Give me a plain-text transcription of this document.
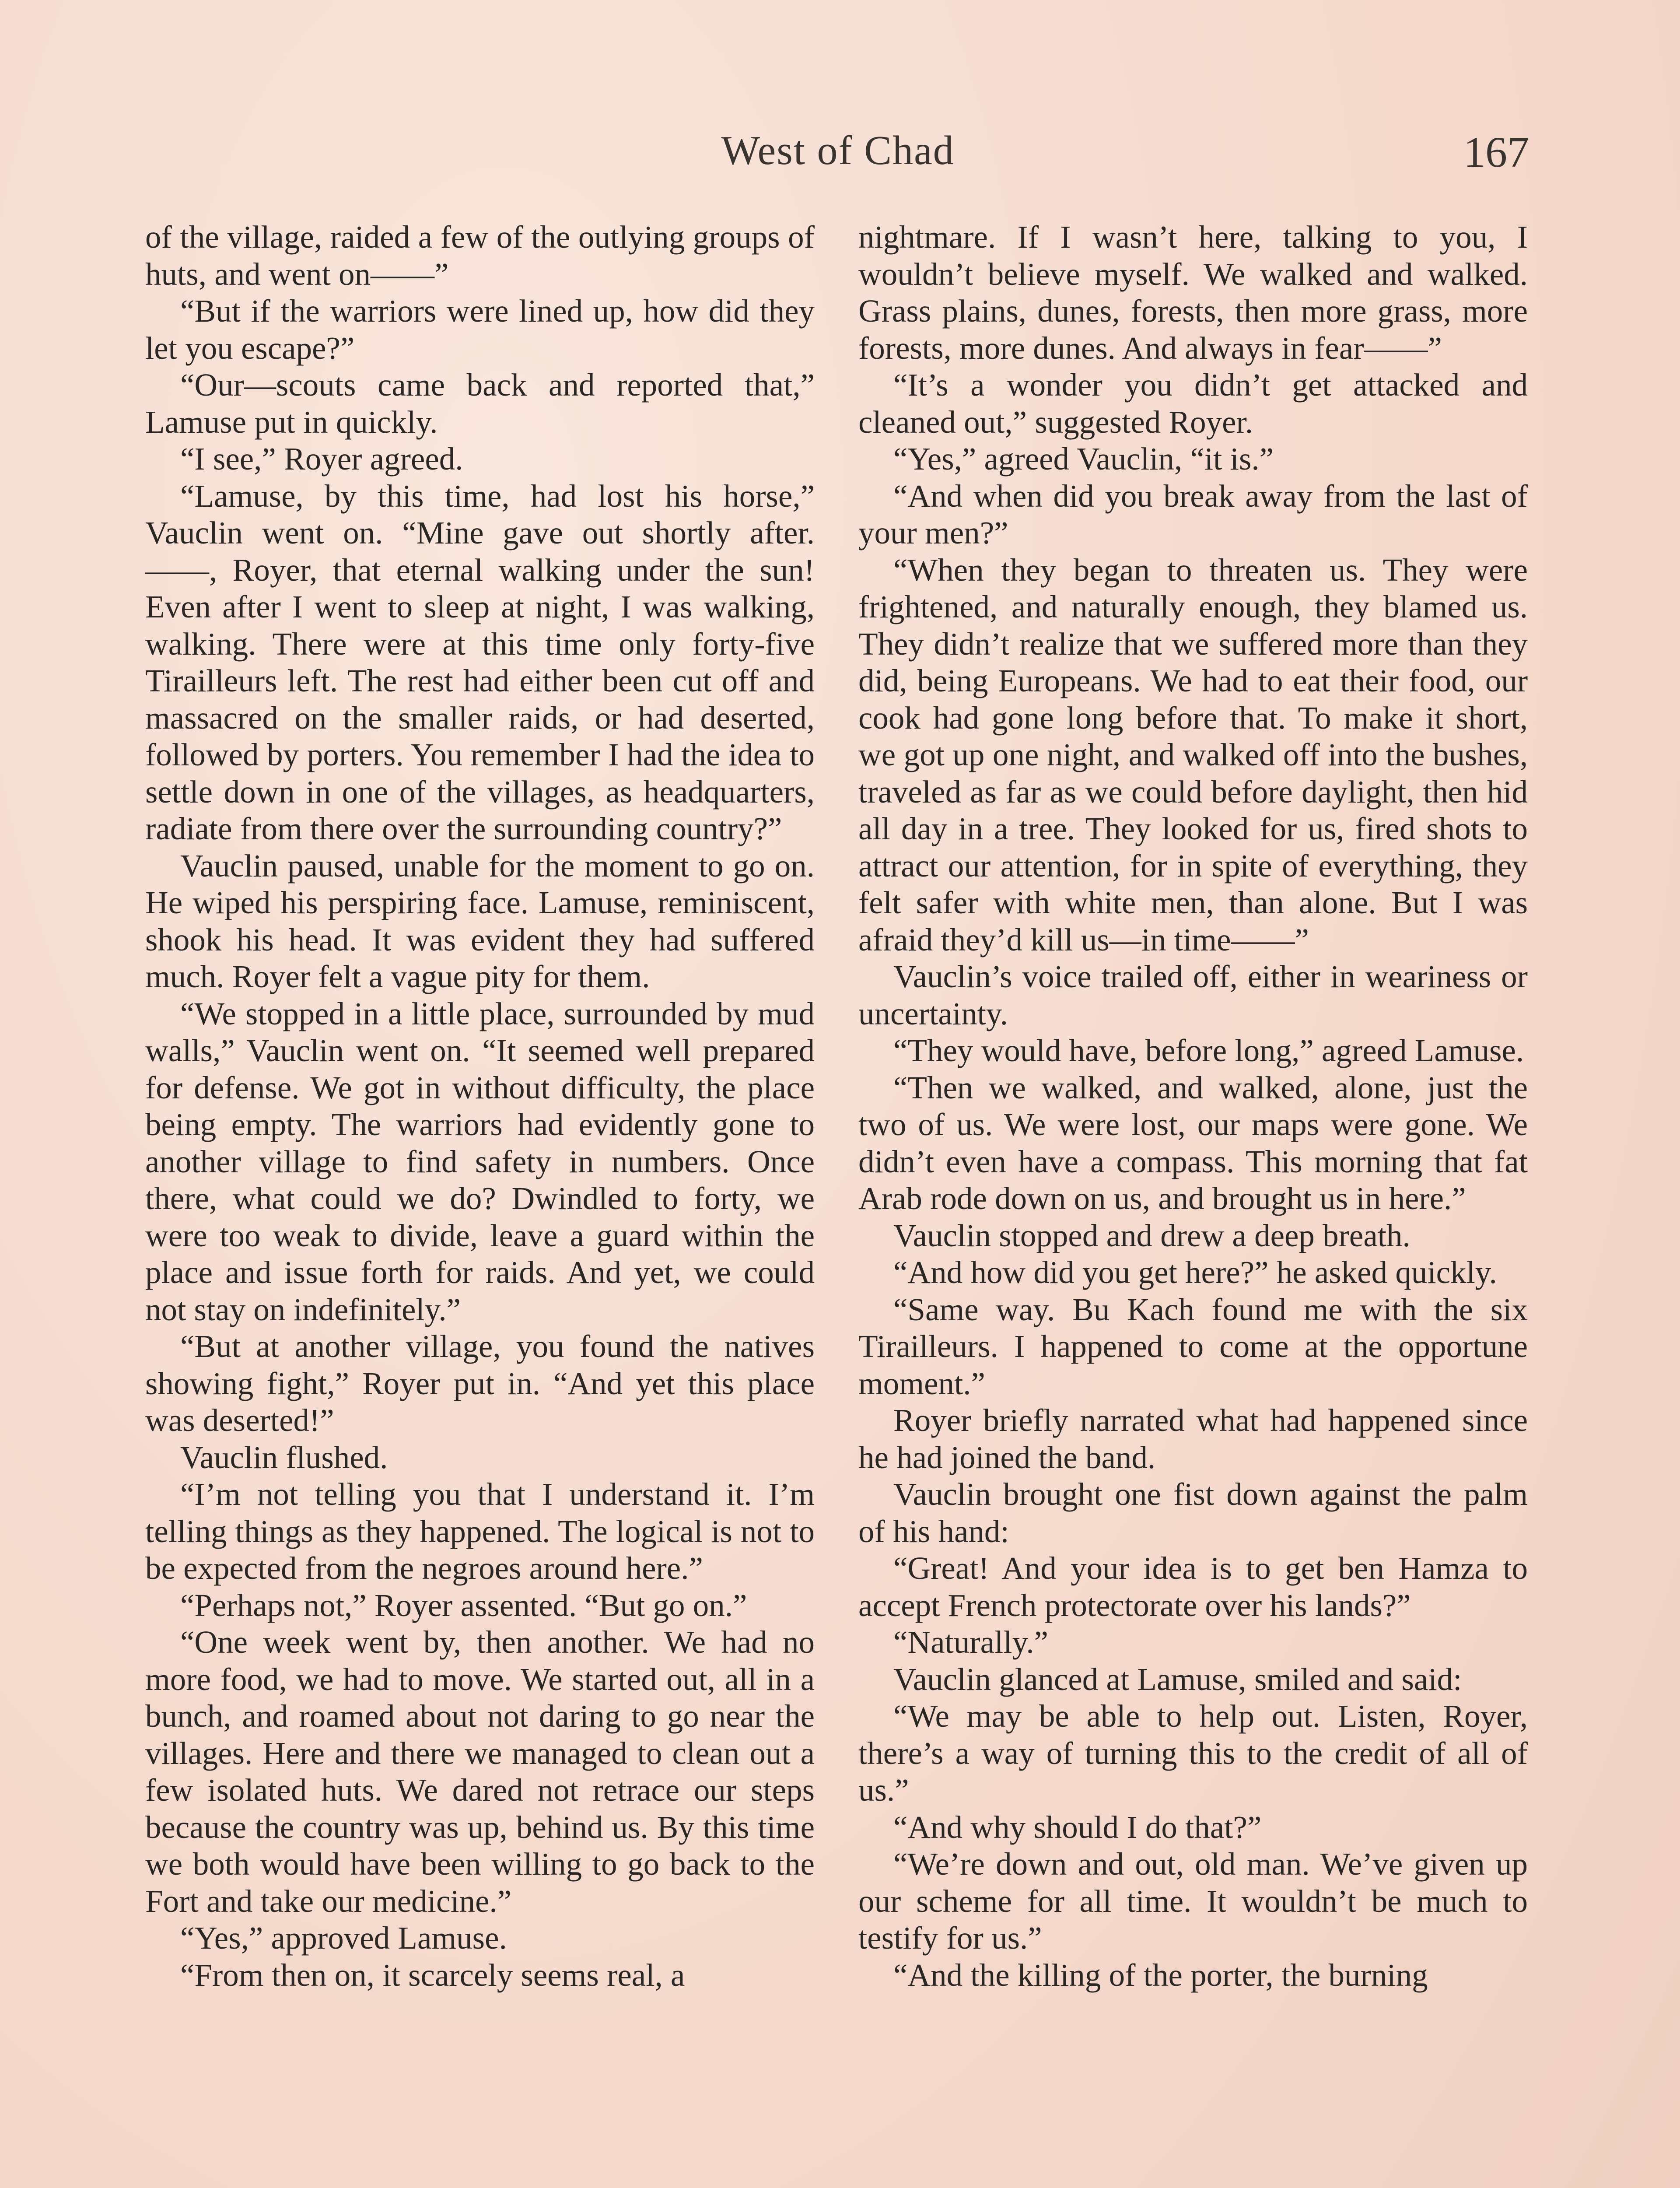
West of Chad	167

of the village, raided a few of the outlying groups of huts, and went on——”

“But if the warriors were lined up, how did they let you escape?”

“Our—scouts came back and reported that,” Lamuse put in quickly.

“I see,” Royer agreed.

“Lamuse, by this time, had lost his horse,” Vauclin went on. “Mine gave out shortly after. ——, Royer, that eternal walking under the sun! Even after I went to sleep at night, I was walking, walking. There were at this time only forty-five Tirailleurs left. The rest had either been cut off and massacred on the smaller raids, or had deserted, followed by porters. You remember I had the idea to settle down in one of the villages, as headquarters, radiate from there over the surrounding country?”

Vauclin paused, unable for the moment to go on. He wiped his perspiring face. Lamuse, reminiscent, shook his head. It was evident they had suffered much. Royer felt a vague pity for them.

“We stopped in a little place, surrounded by mud walls,” Vauclin went on. “It seemed well prepared for defense. We got in without difficulty, the place being empty. The warriors had evidently gone to another village to find safety in numbers. Once there, what could we do? Dwindled to forty, we were too weak to divide, leave a guard within the place and issue forth for raids. And yet, we could not stay on indefinitely.”

“But at another village, you found the natives showing fight,” Royer put in. “And yet this place was deserted!”

Vauclin flushed.

“I’m not telling you that I understand it. I’m telling things as they happened. The logical is not to be expected from the negroes around here.”

“Perhaps not,” Royer assented. “But go on.”

“One week went by, then another. We had no more food, we had to move. We started out, all in a bunch, and roamed about not daring to go near the villages. Here and there we managed to clean out a few isolated huts. We dared not retrace our steps because the country was up, behind us. By this time we both would have been willing to go back to the Fort and take our medicine.”

“Yes,” approved Lamuse.

“From then on, it scarcely seems real, a

nightmare. If I wasn’t here, talking to you, I wouldn’t believe myself. We walked and walked. Grass plains, dunes, forests, then more grass, more forests, more dunes. And always in fear——”

“It’s a wonder you didn’t get attacked and cleaned out,” suggested Royer.

“Yes,” agreed Vauclin, “it is.”

“And when did you break away from the last of your men?”

“When they began to threaten us. They were frightened, and naturally enough, they blamed us. They didn’t realize that we suffered more than they did, being Europeans. We had to eat their food, our cook had gone long before that. To make it short, we got up one night, and walked off into the bushes, traveled as far as we could before daylight, then hid all day in a tree. They looked for us, fired shots to attract our attention, for in spite of everything, they felt safer with white men, than alone. But I was afraid they’d kill us—in time——”

Vauclin’s voice trailed off, either in weariness or uncertainty.

“They would have, before long,” agreed Lamuse.

“Then we walked, and walked, alone, just the two of us. We were lost, our maps were gone. We didn’t even have a compass. This morning that fat Arab rode down on us, and brought us in here.”

Vauclin stopped and drew a deep breath.

“And how did you get here?” he asked quickly.

“Same way. Bu Kach found me with the six Tirailleurs. I happened to come at the opportune moment.”

Royer briefly narrated what had happened since he had joined the band.

Vauclin brought one fist down against the palm of his hand:

“Great! And your idea is to get ben Hamza to accept French protectorate over his lands?”

“Naturally.”

Vauclin glanced at Lamuse, smiled and said:

“We may be able to help out. Listen, Royer, there’s a way of turning this to the credit of all of us.”

“And why should I do that?”

“We’re down and out, old man. We’ve given up our scheme for all time. It wouldn’t be much to testify for us.”

“And the killing of the porter, the burning
